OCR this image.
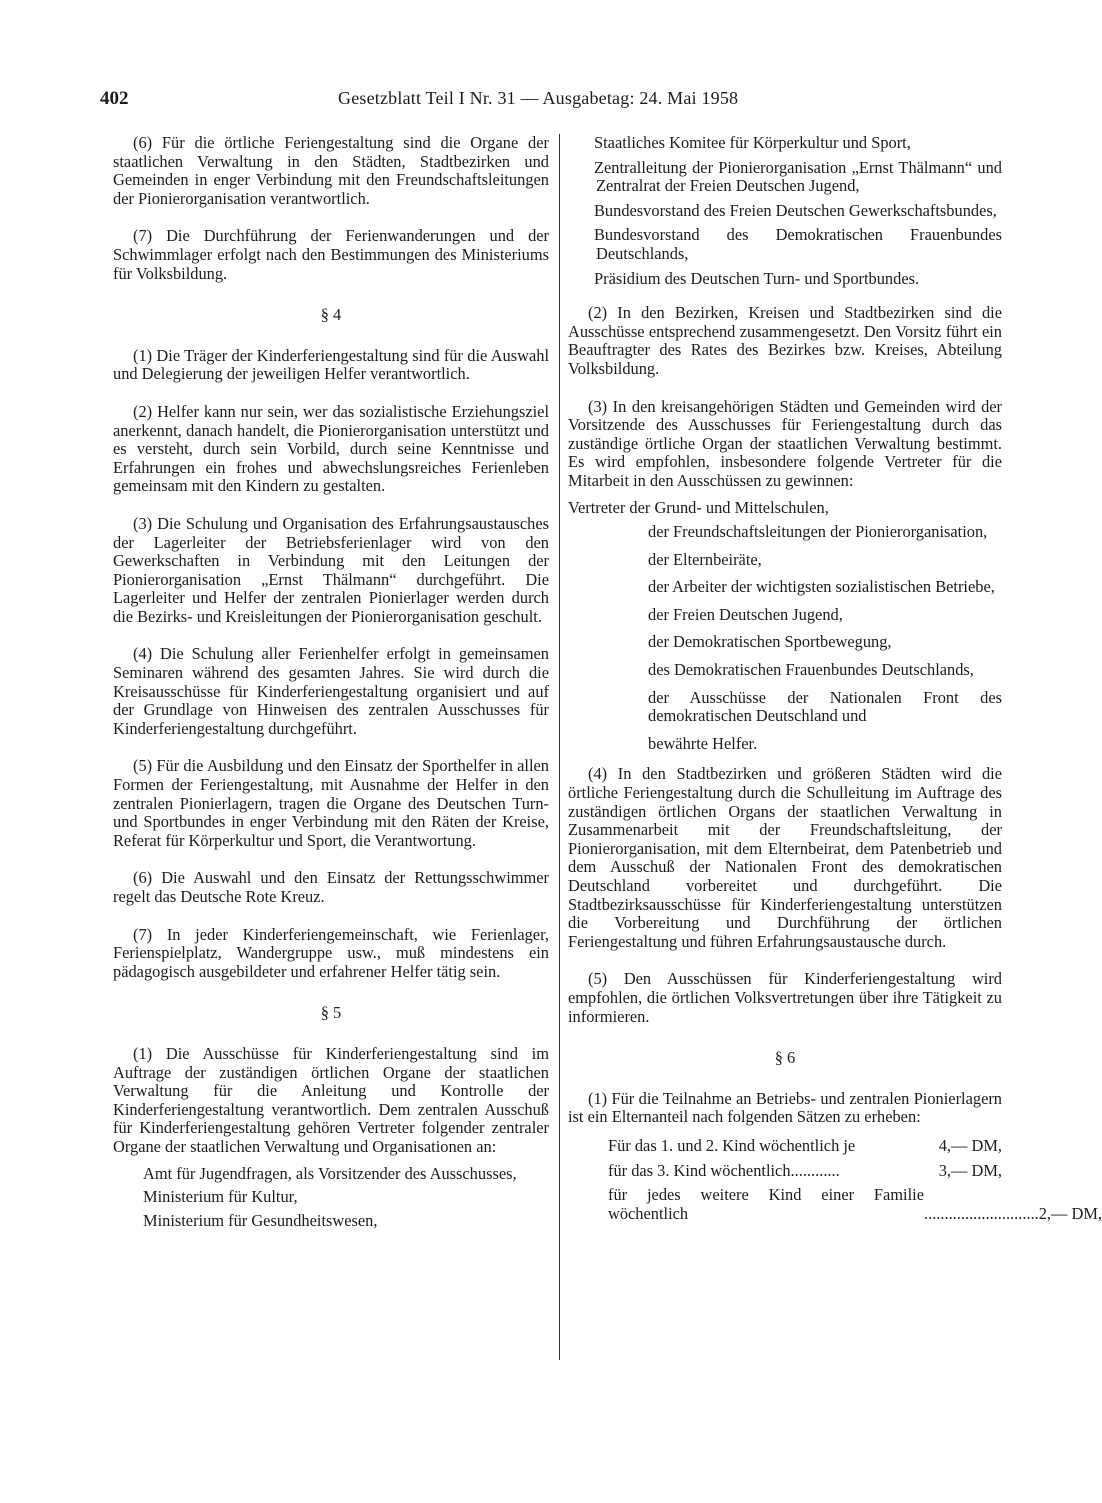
402	Gesetzblatt Teil I Nr. 31 — Ausgabetag: 24. Mai 1958

(6) Für die örtliche Feriengestaltung sind die Organe der staatlichen Verwaltung in den Städten, Stadtbezirken und Gemeinden in enger Verbindung mit den Freundschaftsleitungen der Pionierorganisation verantwortlich.

(7) Die Durchführung der Ferienwanderungen und der Schwimmlager erfolgt nach den Bestimmungen des Ministeriums für Volksbildung.

§ 4

(1) Die Träger der Kinderferiengestaltung sind für die Auswahl und Delegierung der jeweiligen Helfer verantwortlich.

(2) Helfer kann nur sein, wer das sozialistische Erziehungsziel anerkennt, danach handelt, die Pionierorganisation unterstützt und es versteht, durch sein Vorbild, durch seine Kenntnisse und Erfahrungen ein frohes und abwechslungsreiches Ferienleben gemeinsam mit den Kindern zu gestalten.

(3) Die Schulung und Organisation des Erfahrungsaustausches der Lagerleiter der Betriebsferienlager wird von den Gewerkschaften in Verbindung mit den Leitungen der Pionierorganisation „Ernst Thälmann“ durchgeführt. Die Lagerleiter und Helfer der zentralen Pionierlager werden durch die Bezirks- und Kreisleitungen der Pionierorganisation geschult.

(4) Die Schulung aller Ferienhelfer erfolgt in gemeinsamen Seminaren während des gesamten Jahres. Sie wird durch die Kreisausschüsse für Kinderferiengestaltung organisiert und auf der Grundlage von Hinweisen des zentralen Ausschusses für Kinderferiengestaltung durchgeführt.

(5) Für die Ausbildung und den Einsatz der Sporthelfer in allen Formen der Feriengestaltung, mit Ausnahme der Helfer in den zentralen Pionierlagern, tragen die Organe des Deutschen Turn- und Sportbundes in enger Verbindung mit den Räten der Kreise, Referat für Körperkultur und Sport, die Verantwortung.

(6) Die Auswahl und den Einsatz der Rettungsschwimmer regelt das Deutsche Rote Kreuz.

(7) In jeder Kinderferiengemeinschaft, wie Ferienlager, Ferienspielplatz, Wandergruppe usw., muß mindestens ein pädagogisch ausgebildeter und erfahrener Helfer tätig sein.

§ 5

(1) Die Ausschüsse für Kinderferiengestaltung sind im Auftrage der zuständigen örtlichen Organe der staatlichen Verwaltung für die Anleitung und Kontrolle der Kinderferiengestaltung verantwortlich. Dem zentralen Ausschuß für Kinderferiengestaltung gehören Vertreter folgender zentraler Organe der staatlichen Verwaltung und Organisationen an:

Amt für Jugendfragen, als Vorsitzender des Ausschusses,

Ministerium für Kultur,

Ministerium für Gesundheitswesen,

Staatliches Komitee für Körperkultur und Sport,

Zentralleitung der Pionierorganisation „Ernst Thälmann“ und Zentralrat der Freien Deutschen Jugend,

Bundesvorstand des Freien Deutschen Gewerkschaftsbundes,

Bundesvorstand des Demokratischen Frauenbundes Deutschlands,

Präsidium des Deutschen Turn- und Sportbundes.

(2) In den Bezirken, Kreisen und Stadtbezirken sind die Ausschüsse entsprechend zusammengesetzt. Den Vorsitz führt ein Beauftragter des Rates des Bezirkes bzw. Kreises, Abteilung Volksbildung.

(3) In den kreisangehörigen Städten und Gemeinden wird der Vorsitzende des Ausschusses für Feriengestaltung durch das zuständige örtliche Organ der staatlichen Verwaltung bestimmt. Es wird empfohlen, insbesondere folgende Vertreter für die Mitarbeit in den Ausschüssen zu gewinnen:

Vertreter der Grund- und Mittelschulen,

der Freundschaftsleitungen der Pionierorganisation,

der Elternbeiräte,

der Arbeiter der wichtigsten sozialistischen Betriebe,

der Freien Deutschen Jugend,

der Demokratischen Sportbewegung,

des Demokratischen Frauenbundes Deutschlands,

der Ausschüsse der Nationalen Front des demokratischen Deutschland und

bewährte Helfer.

(4) In den Stadtbezirken und größeren Städten wird die örtliche Feriengestaltung durch die Schulleitung im Auftrage des zuständigen örtlichen Organs der staatlichen Verwaltung in Zusammenarbeit mit der Freundschaftsleitung, der Pionierorganisation, mit dem Elternbeirat, dem Patenbetrieb und dem Ausschuß der Nationalen Front des demokratischen Deutschland vorbereitet und durchgeführt. Die Stadtbezirksausschüsse für Kinderferiengestaltung unterstützen die Vorbereitung und Durchführung der örtlichen Feriengestaltung und führen Erfahrungsaustausche durch.

(5) Den Ausschüssen für Kinderferiengestaltung wird empfohlen, die örtlichen Volksvertretungen über ihre Tätigkeit zu informieren.

§ 6

(1) Für die Teilnahme an Betriebs- und zentralen Pionierlagern ist ein Elternanteil nach folgenden Sätzen zu erheben:

Für das 1. und 2. Kind wöchentlich je	4,— DM,
für das 3. Kind wöchentlich ............	3,— DM,
für jedes weitere Kind einer Familie wöchentlich	............................ 2,— DM,
